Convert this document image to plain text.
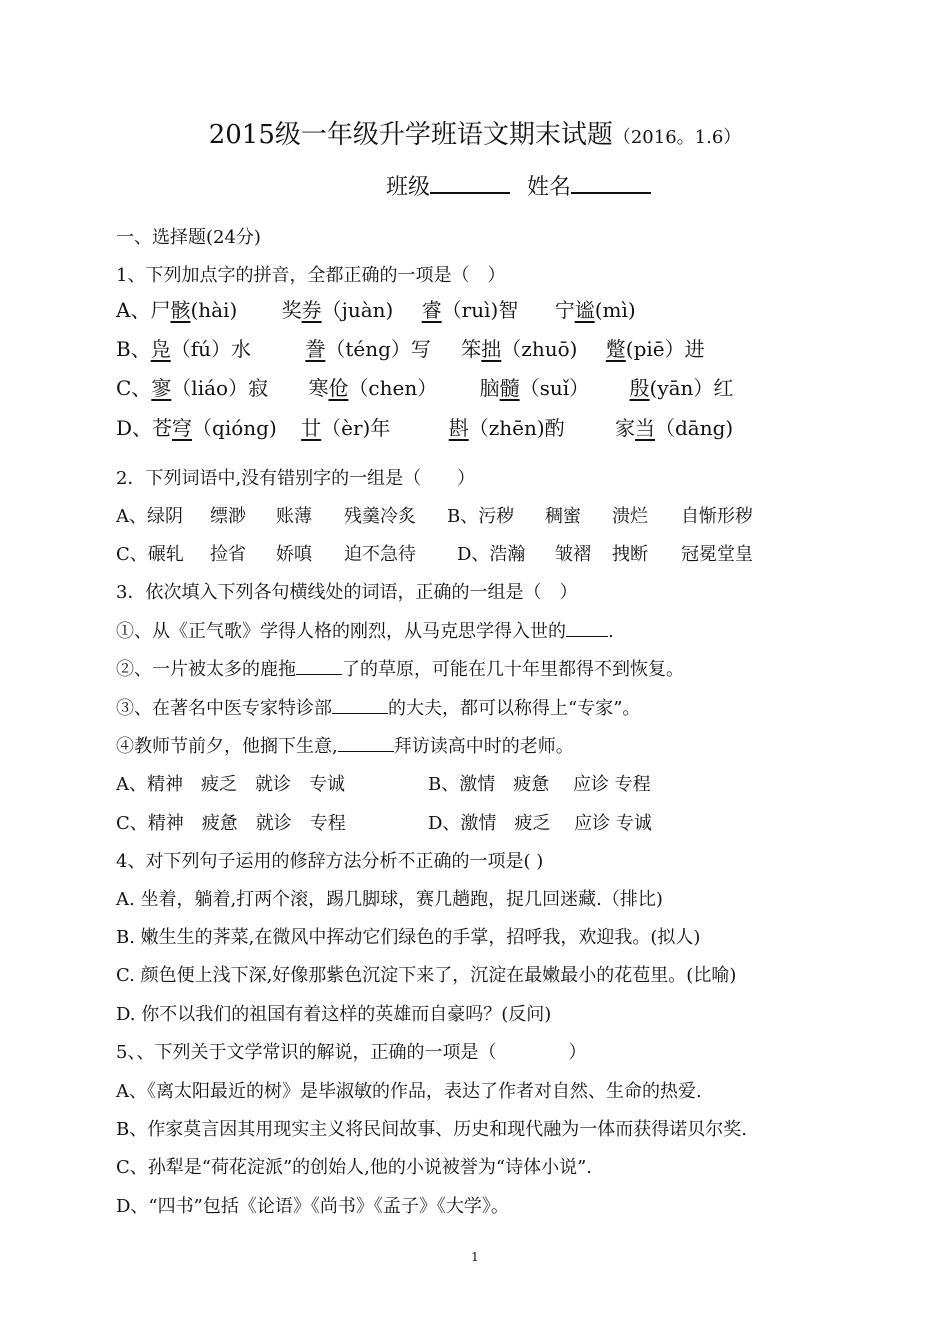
2015级一年级升学班语文期末试题（2016。1.6）
班级	姓名
一、选择题(24分)
1、下列加点字的拼音，全都正确的一项是（　）
A、尸骸(hài) 奖券（juàn) 睿（ruì)智 宁谧(mì)
B、凫（fú）水	誊（téng）写 笨拙（zhuō) 蹩(piē）进
C、寥（liáo）寂 寒伧（chen） 脑髓（suǐ） 殷(yān）红
D、苍穹（qióng) 廿（èr)年	斟（zhēn)酌	家当（dāng)
2．下列词语中,没有错别字的一组是（　　）
A、绿阴 缥渺 账薄 残羹冷炙 B、污秽 稠蜜 溃烂 自惭形秽
C、碾轧 捡省 娇嗔 迫不急待 D、浩瀚 皱褶 拽断 冠冕堂皇
3．依次填入下列各句横线处的词语，正确的一组是（　）
①、从《正气歌》学得人格的刚烈，从马克思学得入世的 .
②、一片被太多的鹿拖	了的草原，可能在几十年里都得不到恢复。
③、在著名中医专家特诊部	的大夫，都可以称得上“专家”。
④教师节前夕，他搁下生意,	拜访读高中时的老师。
A、精神　疲乏　就诊　专诚	B、激情　疲惫　 应诊 专程
C、精神　疲惫　就诊　专程	D、激情　疲乏　 应诊 专诚
4、对下列句子运用的修辞方法分析不正确的一项是( )
A. 坐着，躺着,打两个滚，踢几脚球，赛几趟跑，捉几回迷藏.（排比)
B. 嫩生生的荠菜,在微风中挥动它们绿色的手掌，招呼我，欢迎我。(拟人)
C. 颜色便上浅下深,好像那紫色沉淀下来了，沉淀在最嫩最小的花苞里。(比喻)
D. 你不以我们的祖国有着这样的英雄而自豪吗？(反问)
5、、下列关于文学常识的解说，正确的一项是（　　　　）
A、《离太阳最近的树》是毕淑敏的作品，表达了作者对自然、生命的热爱.
B、作家莫言因其用现实主义将民间故事、历史和现代融为一体而获得诺贝尔奖.
C、孙犁是“荷花淀派”的创始人,他的小说被誉为“诗体小说”.
D、“四书”包括《论语》《尚书》《孟子》《大学》。
1
